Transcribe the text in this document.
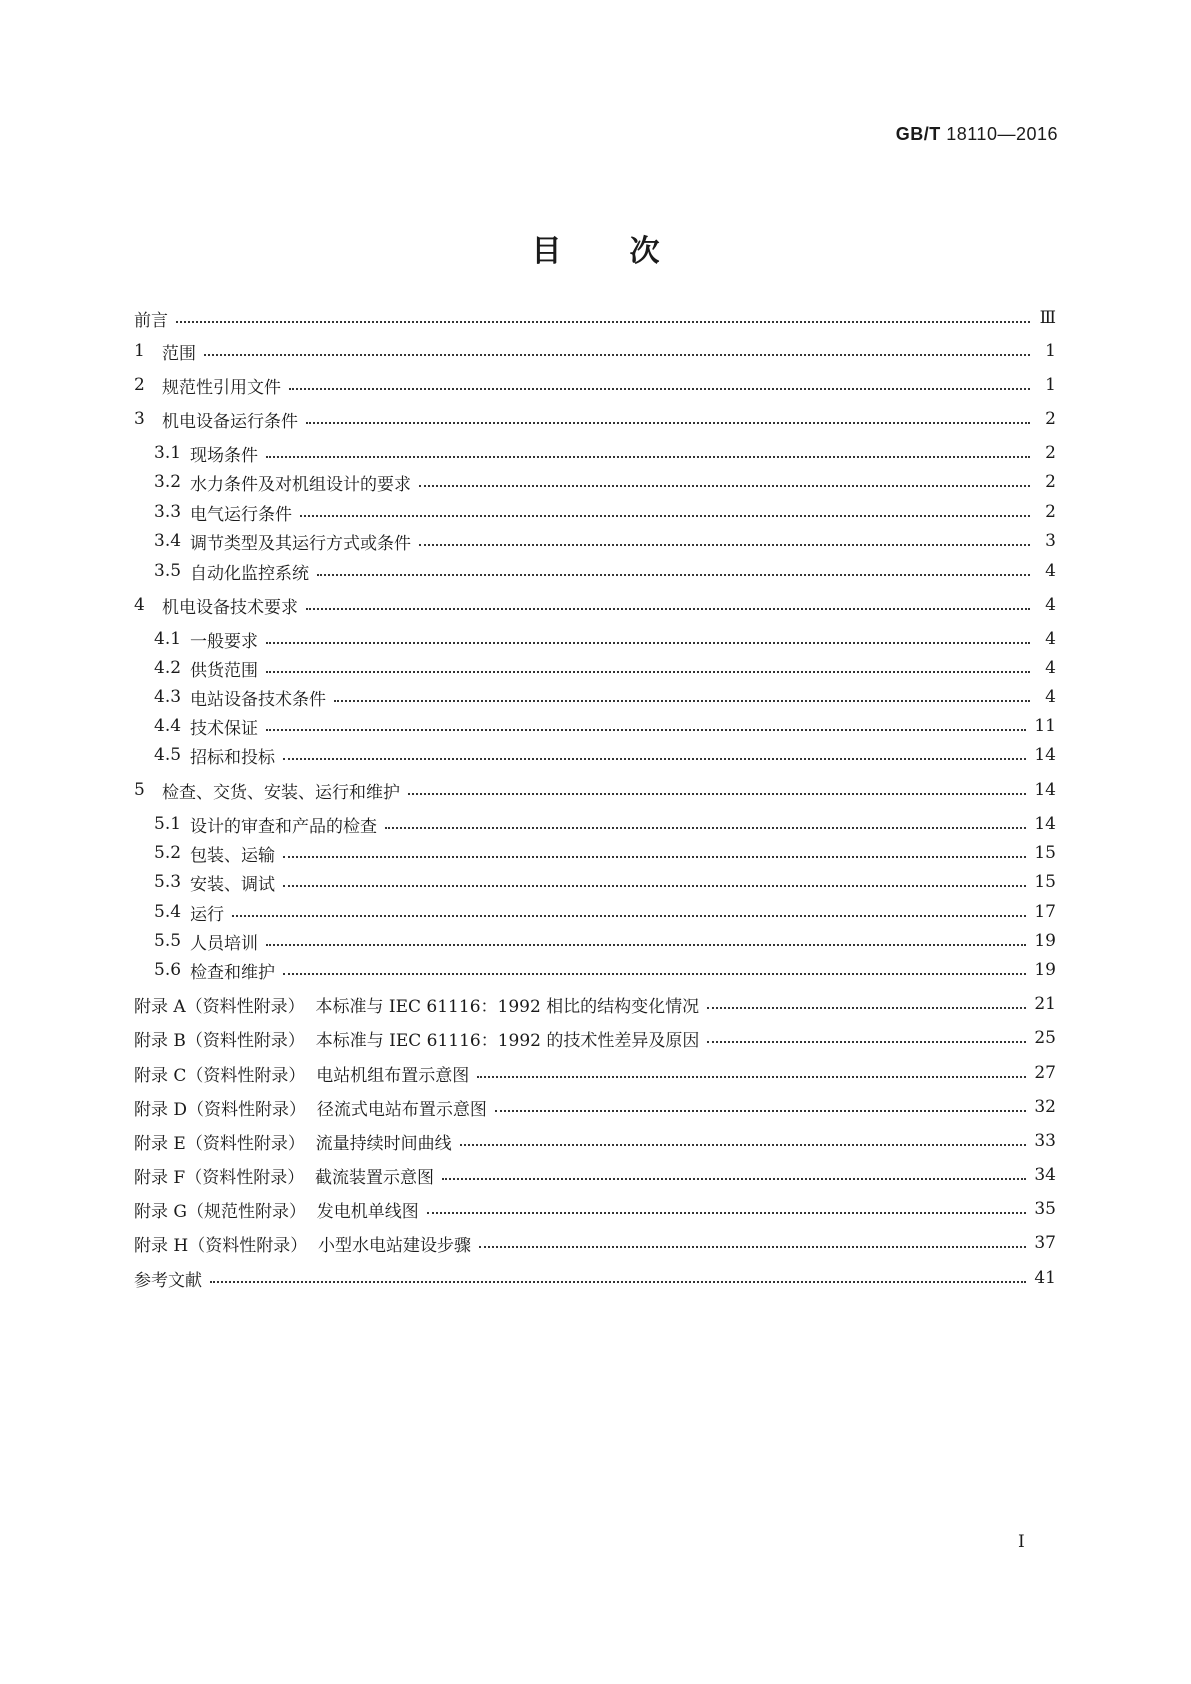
GB/T 18110—2016
目 次
前言	Ⅲ
1	范围	1
2	规范性引用文件	1
3	机电设备运行条件	2
3.1 现场条件	2
3.2 水力条件及对机组设计的要求	2
3.3 电气运行条件	2
3.4 调节类型及其运行方式或条件	3
3.5 自动化监控系统	4
4	机电设备技术要求	4
4.1 一般要求	4
4.2 供货范围	4
4.3 电站设备技术条件	4
4.4 技术保证	11
4.5 招标和投标	14
5	检查、交货、安装、运行和维护	14
5.1 设计的审查和产品的检查	14
5.2 包装、运输	15
5.3 安装、调试	15
5.4 运行	17
5.5 人员培训	19
5.6 检查和维护	19
附录 A（资料性附录）  本标准与 IEC 61116：1992 相比的结构变化情况	21
附录 B（资料性附录）  本标准与 IEC 61116：1992 的技术性差异及原因	25
附录 C（资料性附录）  电站机组布置示意图	27
附录 D（资料性附录）  径流式电站布置示意图	32
附录 E（资料性附录）  流量持续时间曲线	33
附录 F（资料性附录）  截流装置示意图	34
附录 G（规范性附录）  发电机单线图	35
附录 H（资料性附录）  小型水电站建设步骤	37
参考文献	41
I
